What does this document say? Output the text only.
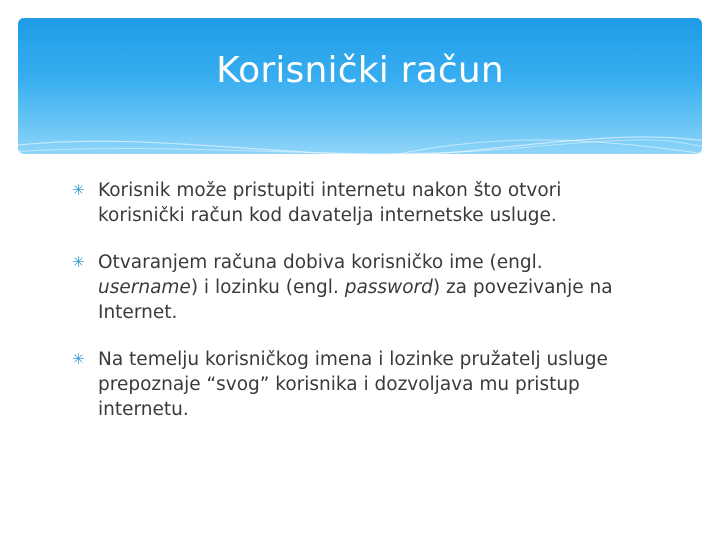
Korisnički račun
✳ Korisnik može pristupiti internetu nakon što otvori korisnički račun kod davatelja internetske usluge.
✳ Otvaranjem računa dobiva korisničko ime (engl. username) i lozinku (engl. password) za povezivanje na Internet.
✳ Na temelju korisničkog imena i lozinke pružatelj usluge prepoznaje “svog” korisnika i dozvoljava mu pristup internetu.
